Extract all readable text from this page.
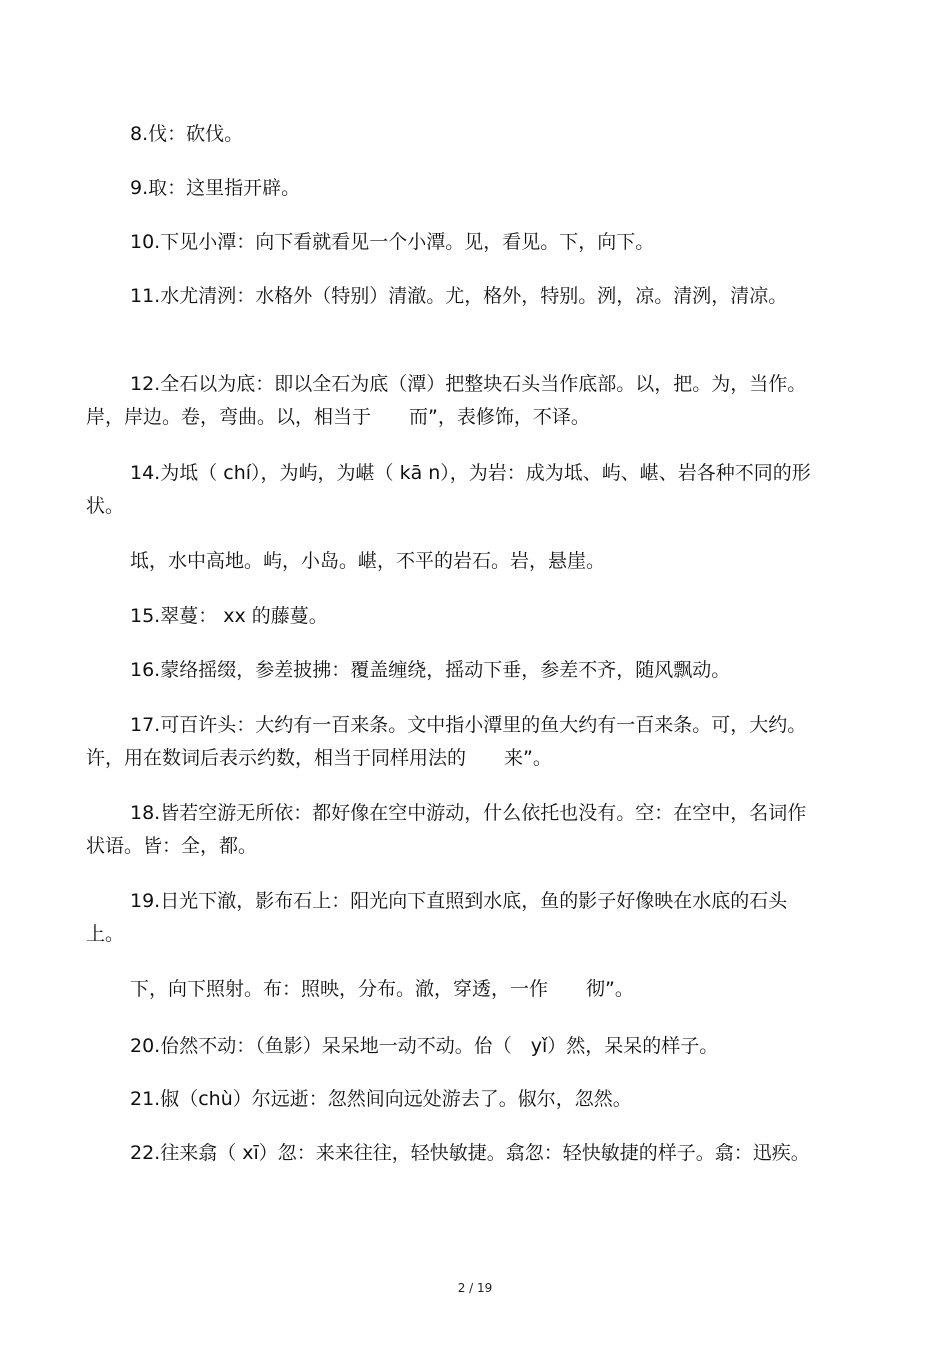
8.伐：砍伐。

9.取：这里指开辟。

10.下见小潭：向下看就看见一个小潭。见，看见。下，向下。

11.水尤清洌：水格外（特别）清澈。尤，格外，特别。洌，凉。清洌，清凉。

12.全石以为底：即以全石为底（潭）把整块石头当作底部。以，把。为，当作。岸，岸边。卷，弯曲。以，相当于　　而”，表修饰，不译。

14.为坻（ chí），为屿，为嵁（ kā n），为岩：成为坻、屿、嵁、岩各种不同的形状。

坻，水中高地。屿，小岛。嵁，不平的岩石。岩，悬崖。

15.翠蔓： xx 的藤蔓。

16.蒙络摇缀，参差披拂：覆盖缠绕，摇动下垂，参差不齐，随风飘动。

17.可百许头：大约有一百来条。文中指小潭里的鱼大约有一百来条。可，大约。许，用在数词后表示约数，相当于同样用法的　　来”。

18.皆若空游无所依：都好像在空中游动，什么依托也没有。空：在空中，名词作状语。皆：全，都。

19.日光下澈，影布石上：阳光向下直照到水底，鱼的影子好像映在水底的石头上。

下，向下照射。布：照映，分布。澈，穿透，一作　　彻”。

20.佁然不动：（鱼影）呆呆地一动不动。佁（　yǐ）然，呆呆的样子。

21.俶（chù）尔远逝：忽然间向远处游去了。俶尔，忽然。

22.往来翕（ xī）忽：来来往往，轻快敏捷。翕忽：轻快敏捷的样子。翕：迅疾。

2 / 19
